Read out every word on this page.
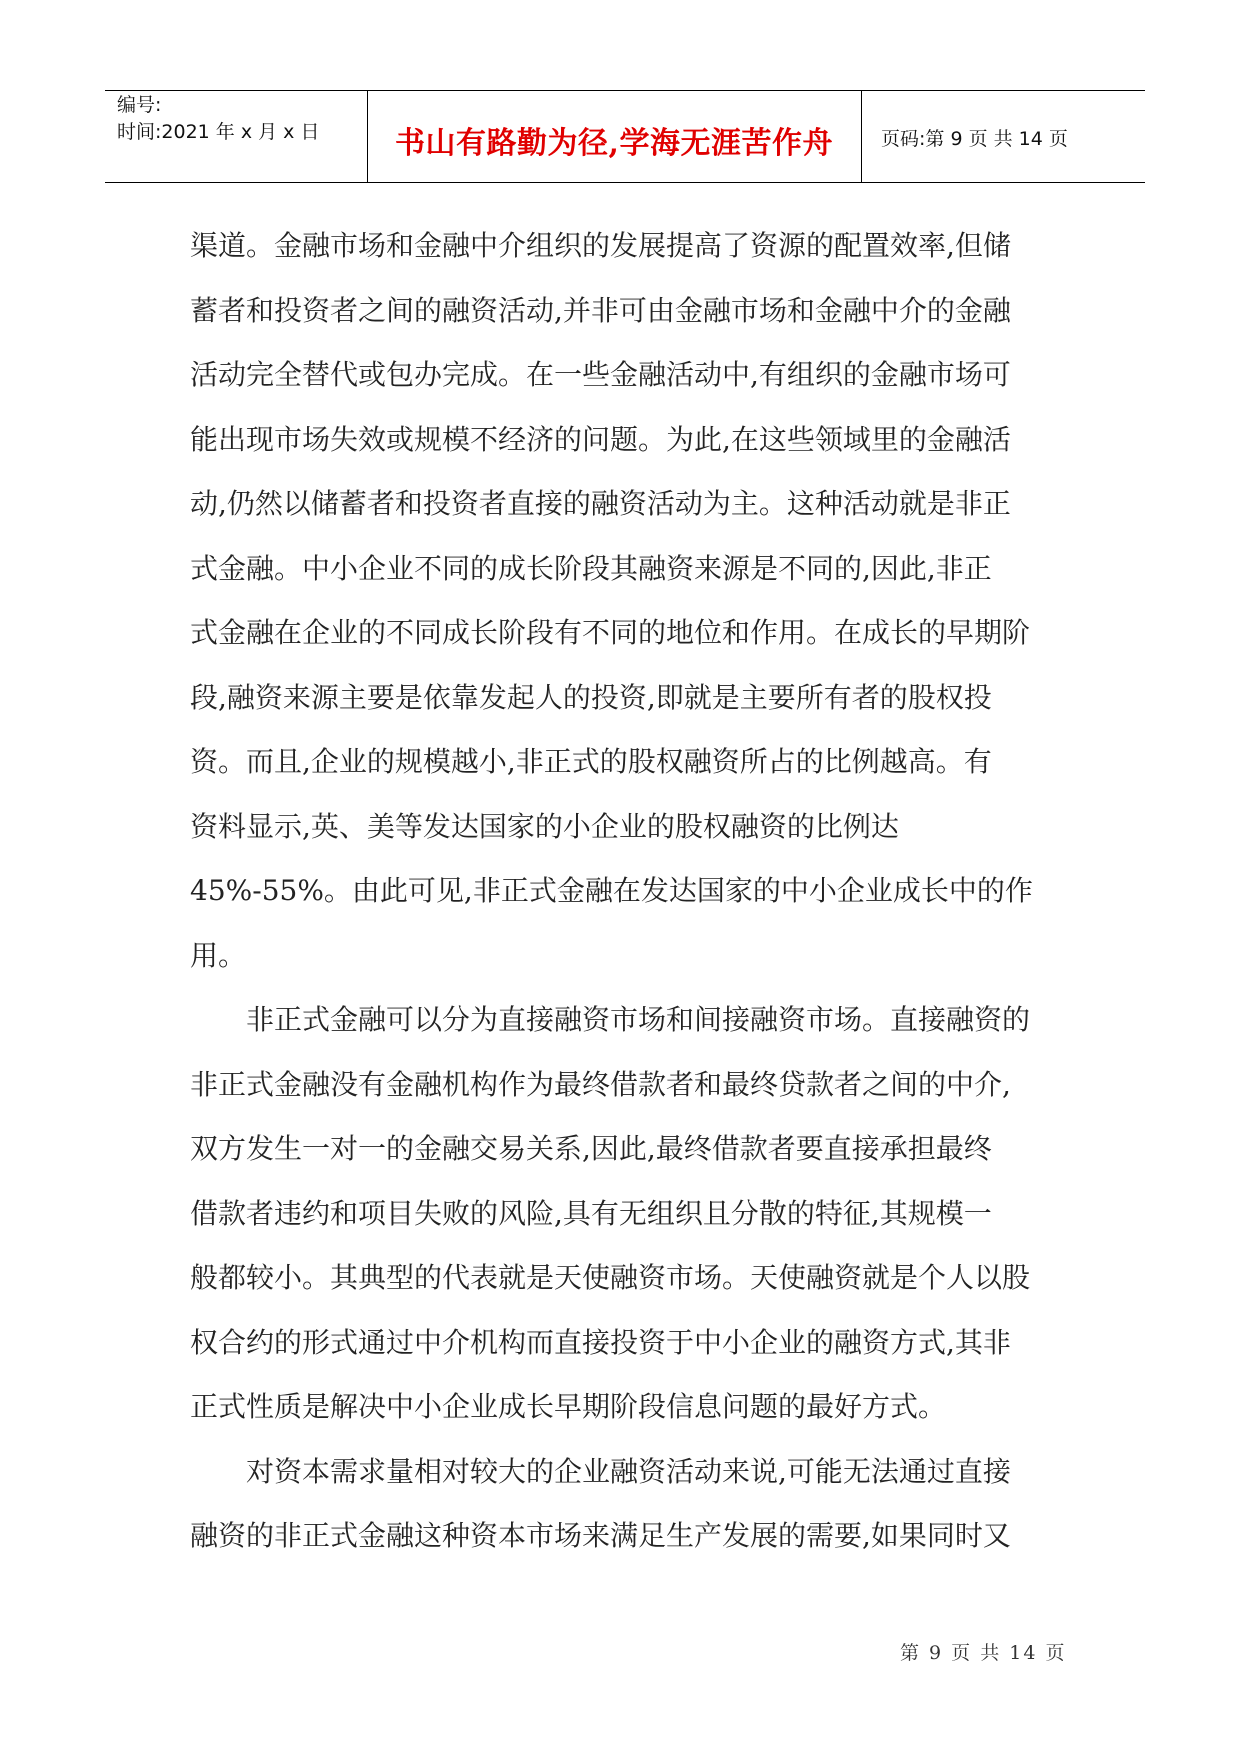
编号:
时间:2021 年 x 月 x 日	书山有路勤为径,学海无涯苦作舟	页码:第 9 页 共 14 页
渠道。金融市场和金融中介组织的发展提高了资源的配置效率,但储
蓄者和投资者之间的融资活动,并非可由金融市场和金融中介的金融
活动完全替代或包办完成。在一些金融活动中,有组织的金融市场可
能出现市场失效或规模不经济的问题。为此,在这些领域里的金融活
动,仍然以储蓄者和投资者直接的融资活动为主。这种活动就是非正
式金融。中小企业不同的成长阶段其融资来源是不同的,因此,非正
式金融在企业的不同成长阶段有不同的地位和作用。在成长的早期阶
段,融资来源主要是依靠发起人的投资,即就是主要所有者的股权投
资。而且,企业的规模越小,非正式的股权融资所占的比例越高。有
资料显示,英、美等发达国家的小企业的股权融资的比例达
45%-55%。由此可见,非正式金融在发达国家的中小企业成长中的作
用。
非正式金融可以分为直接融资市场和间接融资市场。直接融资的
非正式金融没有金融机构作为最终借款者和最终贷款者之间的中介,
双方发生一对一的金融交易关系,因此,最终借款者要直接承担最终
借款者违约和项目失败的风险,具有无组织且分散的特征,其规模一
般都较小。其典型的代表就是天使融资市场。天使融资就是个人以股
权合约的形式通过中介机构而直接投资于中小企业的融资方式,其非
正式性质是解决中小企业成长早期阶段信息问题的最好方式。
对资本需求量相对较大的企业融资活动来说,可能无法通过直接
融资的非正式金融这种资本市场来满足生产发展的需要,如果同时又
第 9 页 共 14 页
